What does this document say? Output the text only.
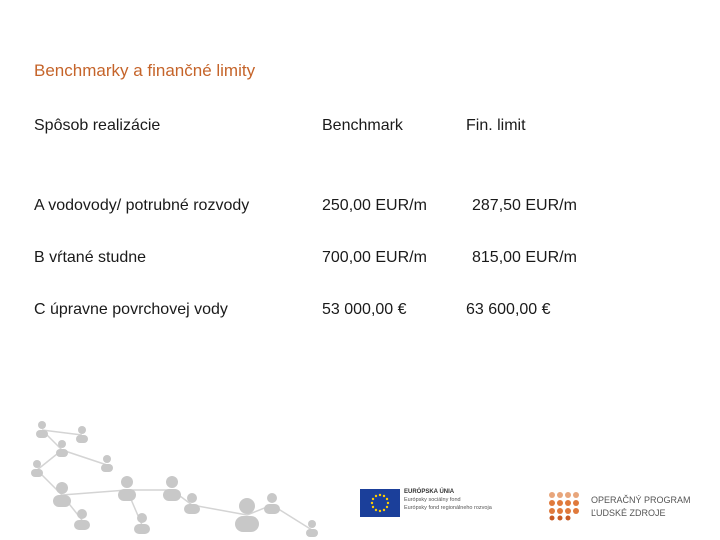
Benchmarky a finančné limity
Spôsob realizácie	Benchmark	Fin. limit
A vodovody/ potrubné rozvody	250,00 EUR/m	287,50 EUR/m
B vŕtané studne	700,00 EUR/m	815,00 EUR/m
C úpravne povrchovej vody	53 000,00 €	63 600,00 €
EURÓPSKA ÚNIA
Európsky sociálny fond
Európsky fond regionálneho rozvoja
OPERAČNÝ PROGRAM
ĽUDSKÉ ZDROJE
